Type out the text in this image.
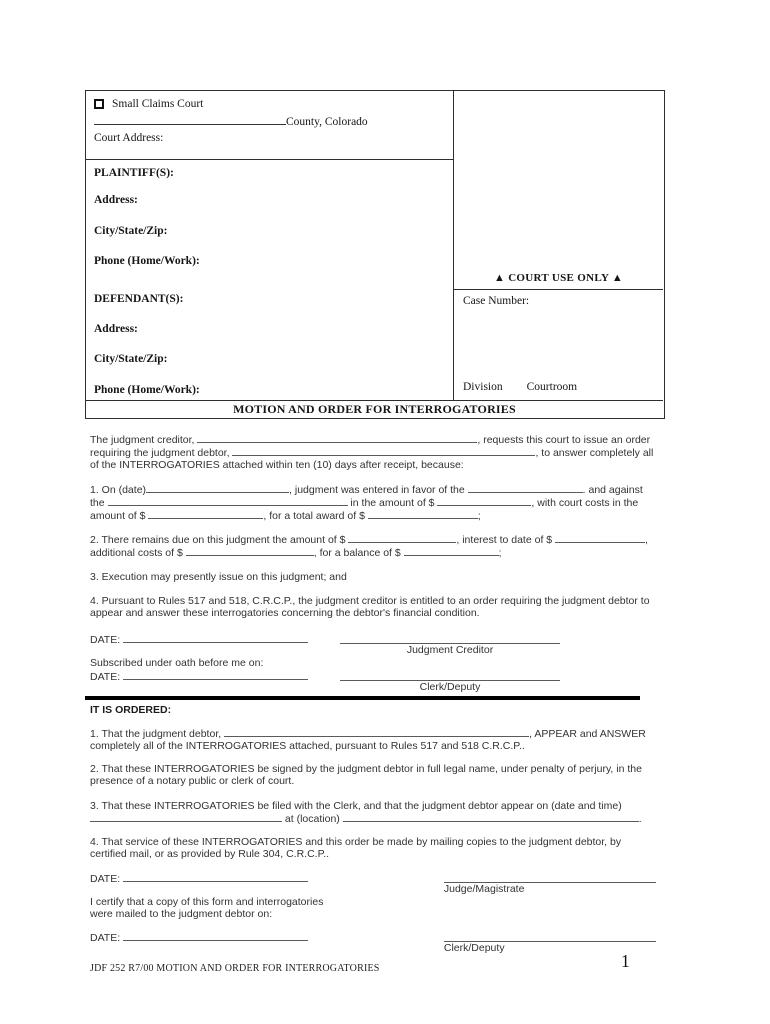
Small Claims Court
County, Colorado
Court Address:
PLAINTIFF(S):
Address:
City/State/Zip:
Phone (Home/Work):
DEFENDANT(S):
Address:
City/State/Zip:
Phone (Home/Work):
▲ COURT USE ONLY ▲
Case Number:
Division Courtroom
MOTION AND ORDER FOR INTERROGATORIES

The judgment creditor,	, requests this court to issue an order requiring the judgment debtor,	, to answer completely all of the INTERROGATORIES attached within ten (10) days after receipt, because:

1. On (date)	, judgment was entered in favor of the	. and against the	in the amount of $	, with court costs in the amount of $	, for a total award of $	;

2. There remains due on this judgment the amount of $	, interest to date of $	, additional costs of $	, for a balance of $	;

3. Execution may presently issue on this judgment; and

4. Pursuant to Rules 517 and 518, C.R.C.P., the judgment creditor is entitled to an order requiring the judgment debtor to appear and answer these interrogatories concerning the debtor's financial condition.

DATE:
Judgment Creditor
Subscribed under oath before me on:
DATE:
Clerk/Deputy
IT IS ORDERED:

1. That the judgment debtor,	, APPEAR and ANSWER completely all of the INTERROGATORIES attached, pursuant to Rules 517 and 518 C.R.C.P..

2. That these INTERROGATORIES be signed by the judgment debtor in full legal name, under penalty of perjury, in the presence of a notary public or clerk of court.

3. That these INTERROGATORIES be filed with the Clerk, and that the judgment debtor appear on (date and time)  at (location)	.

4. That service of these INTERROGATORIES and this order be made by mailing copies to the judgment debtor, by certified mail, or as provided by Rule 304, C.R.C.P..

DATE:
Judge/Magistrate
I certify that a copy of this form and interrogatories were mailed to the judgment debtor on:
DATE:
Clerk/Deputy
JDF 252 R7/00 MOTION AND ORDER FOR INTERROGATORIES	1
